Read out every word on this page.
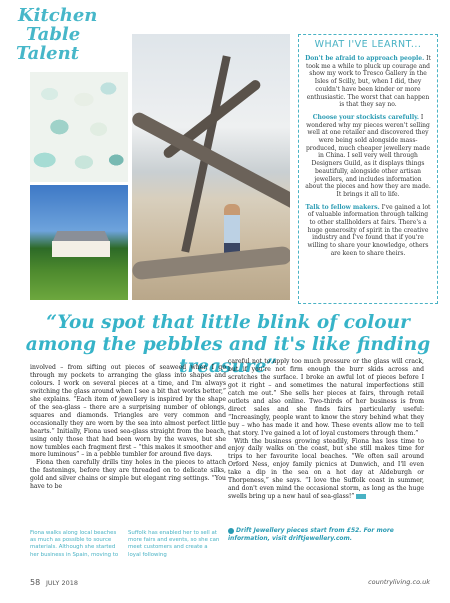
Kitchen
Table
Talent	WHAT I'VE LEARNT...

Don't be afraid to approach people. It took me a while to pluck up courage and show my work to Tresco Gallery in the Isles of Scilly, but, when I did, they couldn't have been kinder or more enthusiastic. The worst that can happen is that they say no.

Choose your stockists carefully. I wondered why my pieces weren't selling well at one retailer and discovered they were being sold alongside mass-produced, much cheaper jewellery made in China. I sell very well through Designers Guild, as it displays things beautifully, alongside other artisan jewellers, and includes information about the pieces and how they are made. It brings it all to life.

Talk to fellow makers. I've gained a lot of valuable information through talking to other stallholders at fairs. There's a huge generosity of spirit in the creative industry and I've found that if you're willing to share your knowledge, others are keen to share theirs.

“You spot that little blink of colour among the pebbles and it's like finding treasure”

involved – from sifting out pieces of seaweed when I go through my pockets to arranging the glass into shapes and colours. I work on several pieces at a time, and I'm always switching the glass around when I see a bit that works better,” she explains. “Each item of jewellery is inspired by the shape of the sea-glass – there are a surprising number of oblongs, squares and diamonds. Triangles are very common and occasionally they are worn by the sea into almost perfect little hearts.” Initially, Fiona used sea-glass straight from the beach, using only those that had been worn by the waves, but she now tumbles each fragment first – “this makes it smoother and more luminous” – in a pebble tumbler for around five days.

Fiona then carefully drills tiny holes in the pieces to attach the fastenings, before they are threaded on to delicate silks, gold and silver chains or simple but elegant ring settings. “You have to be

careful not to apply too much pressure or the glass will crack, but if you're not firm enough the burr skids across and scratches the surface. I broke an awful lot of pieces before I got it right – and sometimes the natural imperfections still catch me out.” She sells her pieces at fairs, through retail outlets and also online. Two-thirds of her business is from direct sales and she finds fairs particularly useful: “Increasingly, people want to know the story behind what they buy – who has made it and how. These events allow me to tell that story. I've gained a lot of loyal customers through them.”

With the business growing steadily, Fiona has less time to enjoy daily walks on the coast, but she still makes time for trips to her favourite local beaches. “We often sail around Orford Ness, enjoy family picnics at Dunwich, and I'll even take a dip in the sea on a hot day at Aldeburgh or Thorpeness,” she says. “I love the Suffolk coast in summer, and don't even mind the occasional storm, as long as the huge swells bring up a new haul of sea-glass!”

Fiona walks along local beaches as much as possible to source materials. Although she started her business in Spain, moving to
Suffolk has enabled her to sell at more fairs and events, so she can meet customers and create a loyal following
Drift Jewellery pieces start from £52. For more information, visit driftjewellery.com.
58 JULY 2018	countryliving.co.uk
